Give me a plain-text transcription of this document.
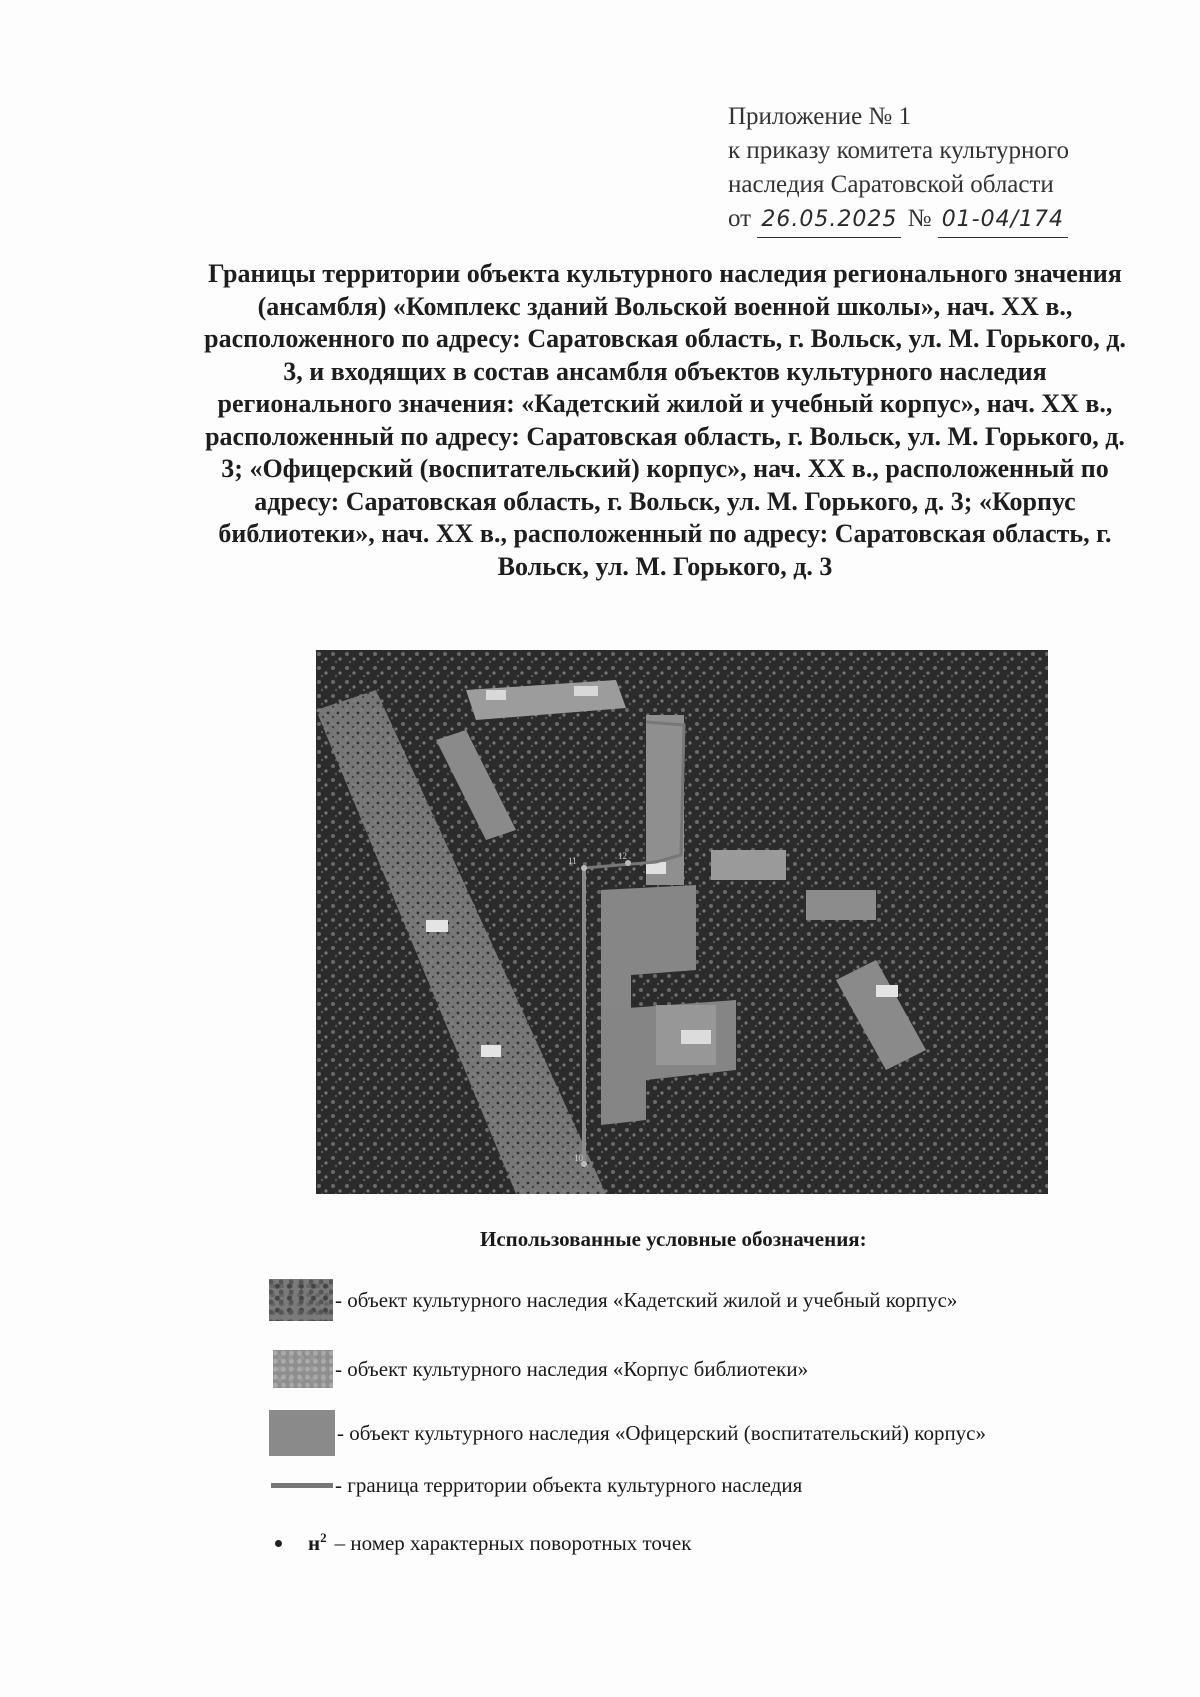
Приложение № 1
к приказу комитета культурного
наследия Саратовской области
от 26.05.2025 № 01-04/174
Границы территории объекта культурного наследия регионального значения (ансамбля) «Комплекс зданий Вольской военной школы», нач. XX в., расположенного по адресу: Саратовская область, г. Вольск, ул. М. Горького, д. 3, и входящих в состав ансамбля объектов культурного наследия регионального значения: «Кадетский жилой и учебный корпус», нач. XX в., расположенный по адресу: Саратовская область, г. Вольск, ул. М. Горького, д. 3; «Офицерский (воспитательский) корпус», нач. XX в., расположенный по адресу: Саратовская область, г. Вольск, ул. М. Горького, д. 3; «Корпус библиотеки», нач. XX в., расположенный по адресу: Саратовская область, г. Вольск, ул. М. Горького, д. 3
11	12
10
Использованные условные обозначения:
- объект культурного наследия «Кадетский жилой и учебный корпус»
- объект культурного наследия «Корпус библиотеки»
- объект культурного наследия «Офицерский (воспитательский) корпус»
- граница территории объекта культурного наследия
$н^2$ – номер характерных поворотных точек
